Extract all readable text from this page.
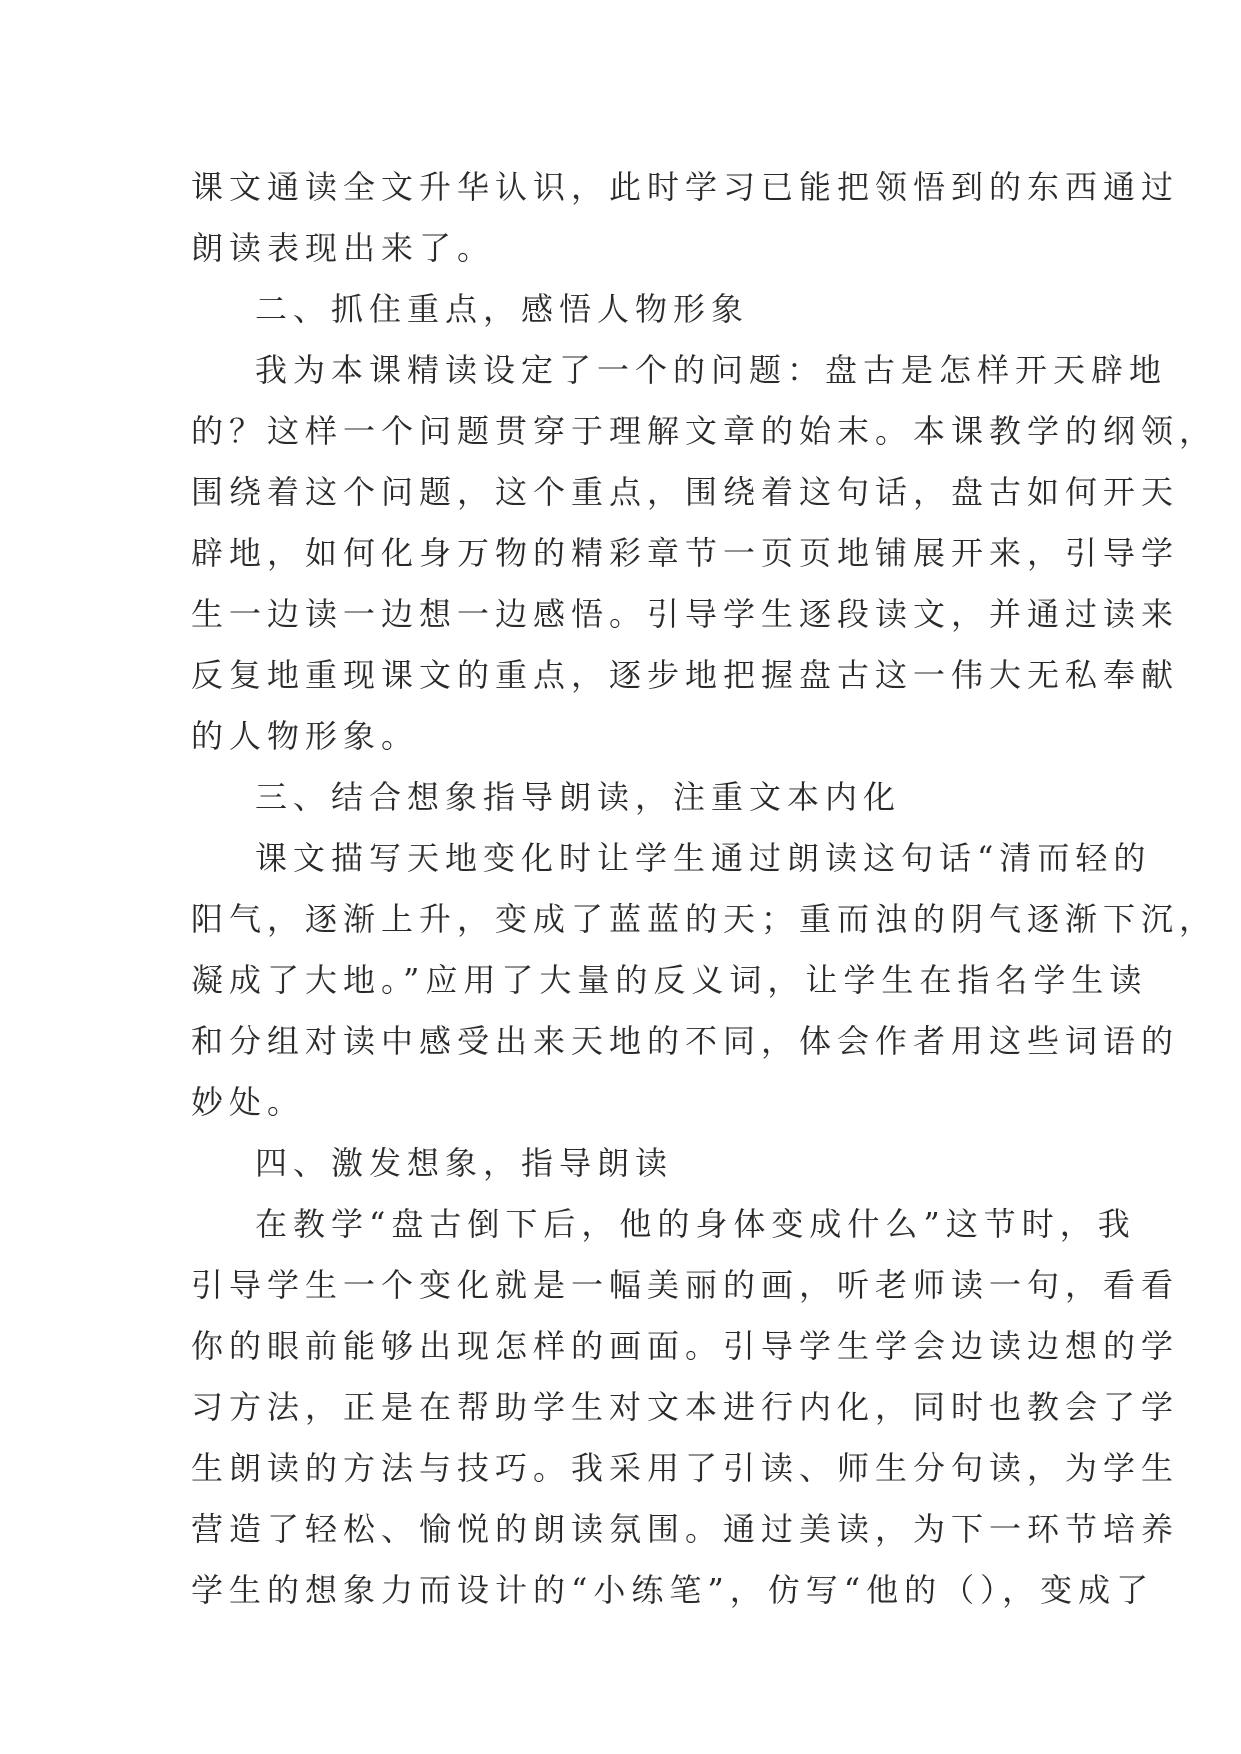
课文通读全文升华认识，此时学习已能把领悟到的东西通过
朗读表现出来了。
二、抓住重点，感悟人物形象
我为本课精读设定了一个的问题：盘古是怎样开天辟地
的？这样一个问题贯穿于理解文章的始末。本课教学的纲领，
围绕着这个问题，这个重点，围绕着这句话，盘古如何开天
辟地，如何化身万物的精彩章节一页页地铺展开来，引导学
生一边读一边想一边感悟。引导学生逐段读文，并通过读来
反复地重现课文的重点，逐步地把握盘古这一伟大无私奉献
的人物形象。
三、结合想象指导朗读，注重文本内化
课文描写天地变化时让学生通过朗读这句话“清而轻的
阳气，逐渐上升，变成了蓝蓝的天；重而浊的阴气逐渐下沉，
凝成了大地。”应用了大量的反义词，让学生在指名学生读
和分组对读中感受出来天地的不同，体会作者用这些词语的
妙处。
四、激发想象，指导朗读
在教学“盘古倒下后，他的身体变成什么”这节时，我
引导学生一个变化就是一幅美丽的画，听老师读一句，看看
你的眼前能够出现怎样的画面。引导学生学会边读边想的学
习方法，正是在帮助学生对文本进行内化，同时也教会了学
生朗读的方法与技巧。我采用了引读、师生分句读，为学生
营造了轻松、愉悦的朗读氛围。通过美读，为下一环节培养
学生的想象力而设计的“小练笔”，仿写“他的（），变成了
